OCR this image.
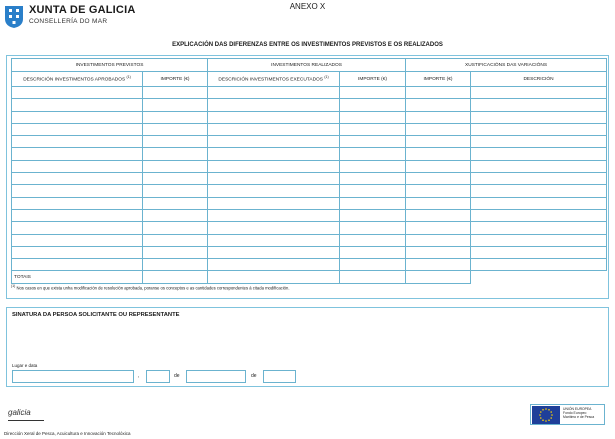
XUNTA DE GALICIA
CONSELLERÍA DO MAR
ANEXO X
EXPLICACIÓN DAS DIFERENZAS ENTRE OS INVESTIMENTOS PREVISTOS E OS REALIZADOS
INVESTIMENTOS PREVISTOS		INVESTIMENTOS REALIZADOS		XUSTIFICACIÓNS DAS VARIACIÓNS	
DESCRICIÓN INVESTIMENTOS APROBADOS $^{(1)}$	IMPORTE (€)	DESCRICIÓN INVESTIMENTOS EXECUTADOS $^{(1)}$	IMPORTE (€)	IMPORTE (€)	DESCRICIÓN

TOTAIS					
$^{(1)}$ Nos casos en que exista unha modificación de resolución aprobada, poranse os conceptos e as cantidades correspondentes á citada modificación.
SINATURA DA PERSOA SOLICITANTE OU REPRESENTANTE
Lugar e data
,	de	de
galicia
Dirección Xeral de Pesca, Acuicultura e Innovación Tecnolóxica
UNIÓN EUROPEA
Fondo Europeo
Marítimo e de Pesca
